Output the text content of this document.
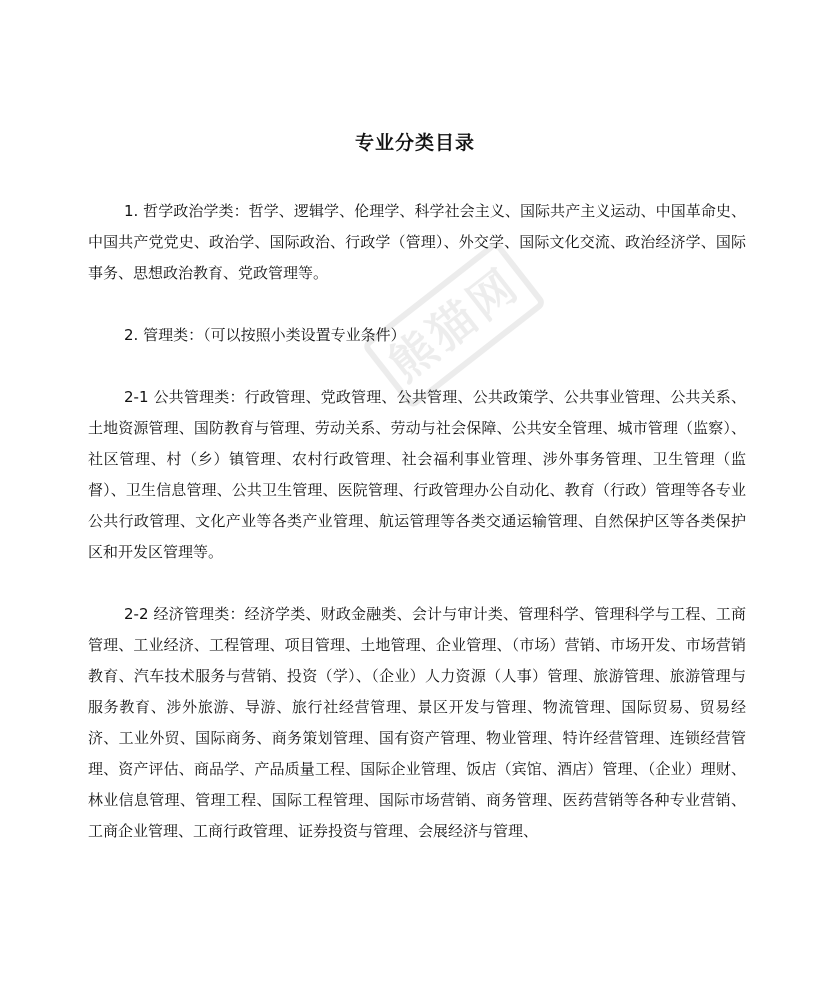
熊猫网
专业分类目录

1. 哲学政治学类：哲学、逻辑学、伦理学、科学社会主义、国际共产主义运动、中国革命史、中国共产党党史、政治学、国际政治、行政学（管理）、外交学、国际文化交流、政治经济学、国际事务、思想政治教育、党政管理等。

2. 管理类：（可以按照小类设置专业条件）

2-1 公共管理类：行政管理、党政管理、公共管理、公共政策学、公共事业管理、公共关系、土地资源管理、国防教育与管理、劳动关系、劳动与社会保障、公共安全管理、城市管理（监察）、社区管理、村（乡）镇管理、农村行政管理、社会福利事业管理、涉外事务管理、卫生管理（监督）、卫生信息管理、公共卫生管理、医院管理、行政管理办公自动化、教育（行政）管理等各专业公共行政管理、文化产业等各类产业管理、航运管理等各类交通运输管理、自然保护区等各类保护区和开发区管理等。

2-2 经济管理类：经济学类、财政金融类、会计与审计类、管理科学、管理科学与工程、工商管理、工业经济、工程管理、项目管理、土地管理、企业管理、（市场）营销、市场开发、市场营销教育、汽车技术服务与营销、投资（学）、（企业）人力资源（人事）管理、旅游管理、旅游管理与服务教育、涉外旅游、导游、旅行社经营管理、景区开发与管理、物流管理、国际贸易、贸易经济、工业外贸、国际商务、商务策划管理、国有资产管理、物业管理、特许经营管理、连锁经营管理、资产评估、商品学、产品质量工程、国际企业管理、饭店（宾馆、酒店）管理、（企业）理财、林业信息管理、管理工程、国际工程管理、国际市场营销、商务管理、医药营销等各种专业营销、工商企业管理、工商行政管理、证券投资与管理、会展经济与管理、
